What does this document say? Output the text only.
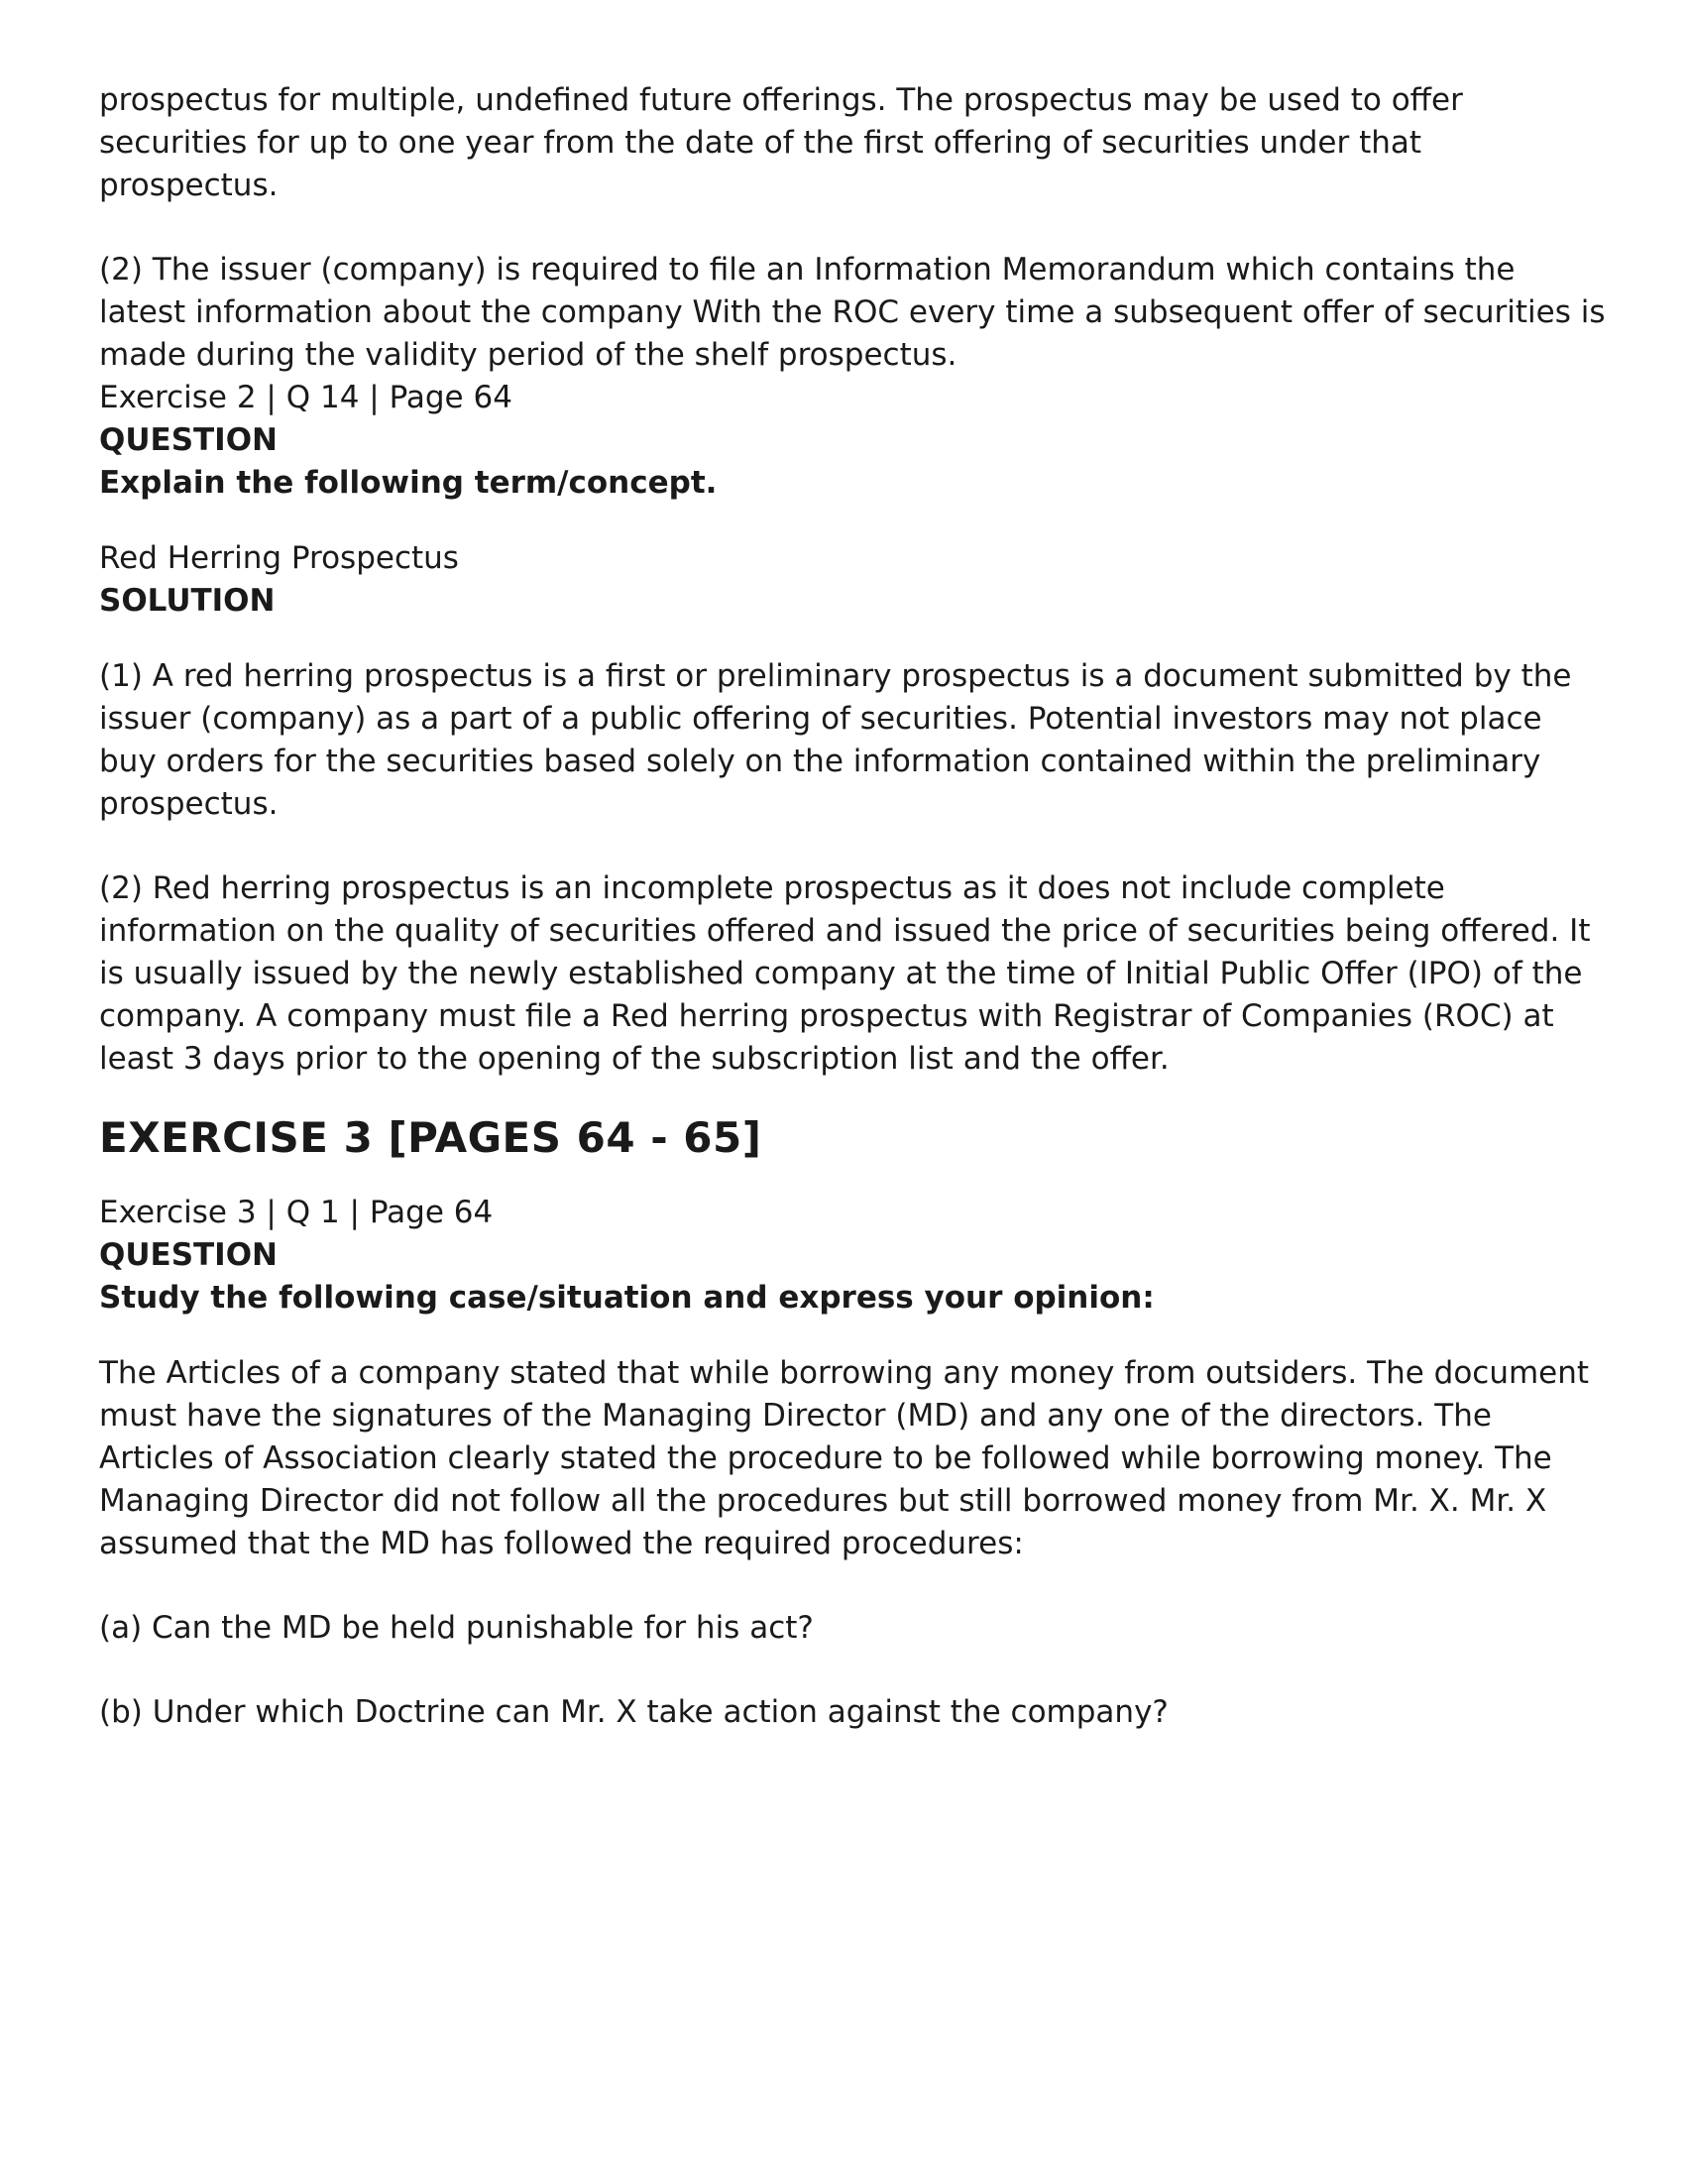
prospectus for multiple, undefined future offerings. The prospectus may be used to offer securities for up to one year from the date of the first offering of securities under that prospectus.

(2) The issuer (company) is required to file an Information Memorandum which contains the latest information about the company With the ROC every time a subsequent offer of securities is made during the validity period of the shelf prospectus.

Exercise 2 | Q 14 | Page 64

QUESTION

Explain the following term/concept.

Red Herring Prospectus

SOLUTION

(1) A red herring prospectus is a first or preliminary prospectus is a document submitted by the issuer (company) as a part of a public offering of securities. Potential investors may not place buy orders for the securities based solely on the information contained within the preliminary prospectus.

(2) Red herring prospectus is an incomplete prospectus as it does not include complete information on the quality of securities offered and issued the price of securities being offered. It is usually issued by the newly established company at the time of Initial Public Offer (IPO) of the company. A company must file a Red herring prospectus with Registrar of Companies (ROC) at least 3 days prior to the opening of the subscription list and the offer.

EXERCISE 3 [PAGES 64 - 65]

Exercise 3 | Q 1 | Page 64

QUESTION

Study the following case/situation and express your opinion:

The Articles of a company stated that while borrowing any money from outsiders. The document must have the signatures of the Managing Director (MD) and any one of the directors. The Articles of Association clearly stated the procedure to be followed while borrowing money. The Managing Director did not follow all the procedures but still borrowed money from Mr. X. Mr. X assumed that the MD has followed the required procedures:

(a) Can the MD be held punishable for his act?

(b) Under which Doctrine can Mr. X take action against the company?
